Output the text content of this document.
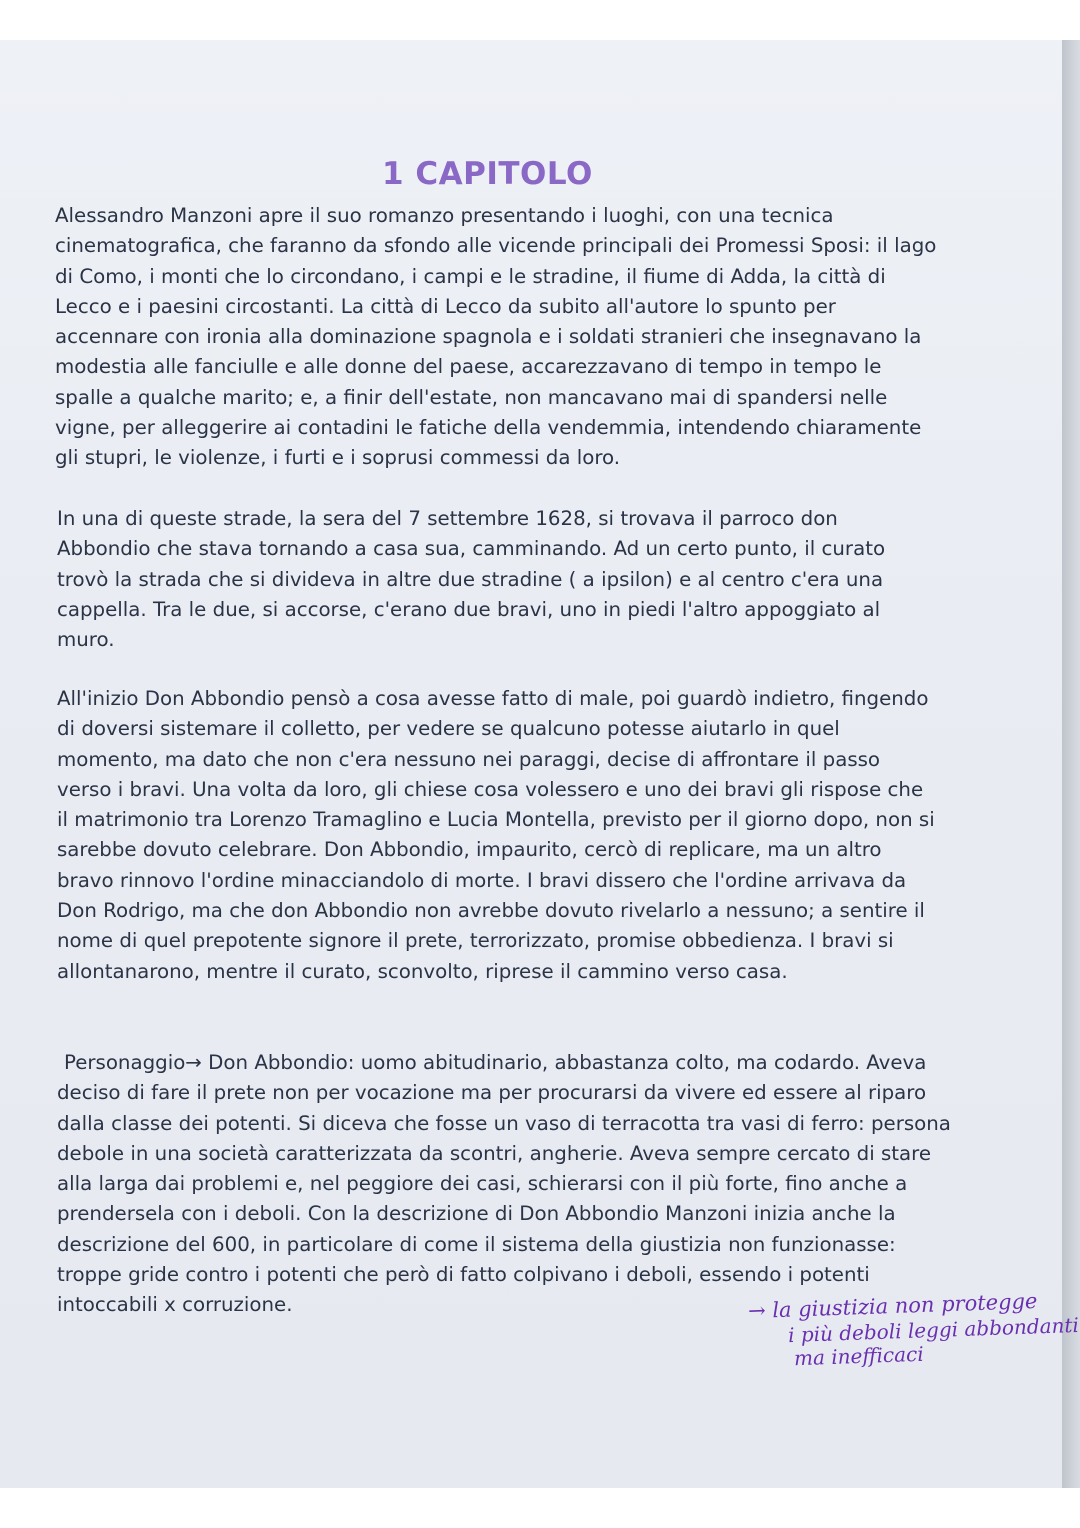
1 CAPITOLO

Alessandro Manzoni apre il suo romanzo presentando i luoghi, con una tecnica cinematografica, che faranno da sfondo alle vicende principali dei Promessi Sposi: il lago di Como, i monti che lo circondano, i campi e le stradine, il fiume di Adda, la città di Lecco e i paesini circostanti. La città di Lecco da subito all'autore lo spunto per accennare con ironia alla dominazione spagnola e i soldati stranieri che insegnavano la modestia alle fanciulle e alle donne del paese, accarezzavano di tempo in tempo le spalle a qualche marito; e, a finir dell'estate, non mancavano mai di spandersi nelle vigne, per alleggerire ai contadini le fatiche della vendemmia, intendendo chiaramente gli stupri, le violenze, i furti e i soprusi commessi da loro.

In una di queste strade, la sera del 7 settembre 1628, si trovava il parroco don Abbondio che stava tornando a casa sua, camminando. Ad un certo punto, il curato trovò la strada che si divideva in altre due stradine ( a ipsilon) e al centro c'era una cappella. Tra le due, si accorse, c'erano due bravi, uno in piedi l'altro appoggiato al muro.

All'inizio Don Abbondio pensò a cosa avesse fatto di male, poi guardò indietro, fingendo di doversi sistemare il colletto, per vedere se qualcuno potesse aiutarlo in quel momento, ma dato che non c'era nessuno nei paraggi, decise di affrontare il passo verso i bravi. Una volta da loro, gli chiese cosa volessero e uno dei bravi gli rispose che il matrimonio tra Lorenzo Tramaglino e Lucia Montella, previsto per il giorno dopo, non si sarebbe dovuto celebrare. Don Abbondio, impaurito, cercò di replicare, ma un altro bravo rinnovo l'ordine minacciandolo di morte. I bravi dissero che l'ordine arrivava da Don Rodrigo, ma che don Abbondio non avrebbe dovuto rivelarlo a nessuno; a sentire il nome di quel prepotente signore il prete, terrorizzato, promise obbedienza. I bravi si allontanarono, mentre il curato, sconvolto, riprese il cammino verso casa.

Personaggio→ Don Abbondio: uomo abitudinario, abbastanza colto, ma codardo. Aveva deciso di fare il prete non per vocazione ma per procurarsi da vivere ed essere al riparo dalla classe dei potenti. Si diceva che fosse un vaso di terracotta tra vasi di ferro: persona debole in una società caratterizzata da scontri, angherie. Aveva sempre cercato di stare alla larga dai problemi e, nel peggiore dei casi, schierarsi con il più forte, fino anche a prendersela con i deboli. Con la descrizione di Don Abbondio Manzoni inizia anche la descrizione del 600, in particolare di come il sistema della giustizia non funzionasse: troppe gride contro i potenti che però di fatto colpivano i deboli, essendo i potenti intoccabili x corruzione.	→ la giustizia non protegge
i più deboli leggi abbondanti
ma inefficaci
